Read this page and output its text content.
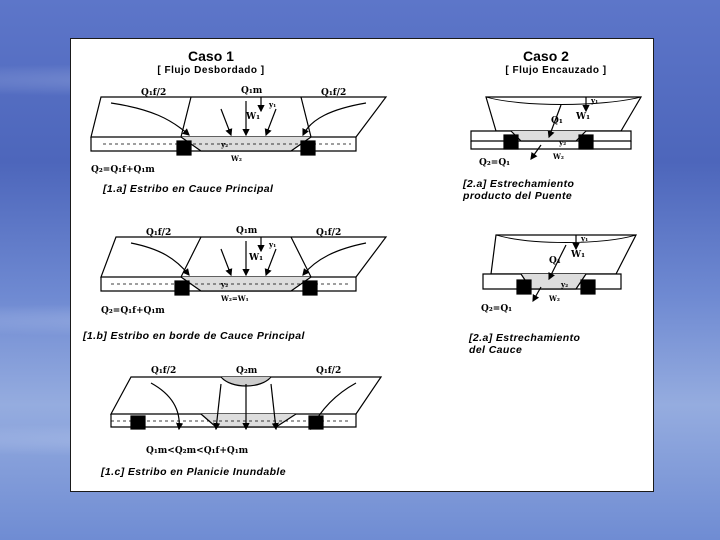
Caso 1
[ Flujo Desbordado ]
Caso 2
[ Flujo Encauzado ]
Q₁f/2	Q₁m	Q₁f/2
y₁
W₁
y₂
W₂
Q₂=Q₁f+Q₁m
[1.a] Estribo en Cauce Principal
Q₁f/2	Q₁m	Q₁f/2
y₁
W₁
y₂
W₂=W₁
Q₂=Q₁f+Q₁m
[1.b] Estribo en borde de Cauce Principal
Q₁f/2	Q₂m	Q₁f/2
Q₁m<Q₂m<Q₁f+Q₁m
[1.c] Estribo en Planicie Inundable
y₁
W₁
Q₁
y₂
W₂
Q₂=Q₁
[2.a] Estrechamiento
producto del Puente
y₁
W₁
Q₁
y₂
W₂
Q₂=Q₁
[2.a] Estrechamiento
del Cauce
